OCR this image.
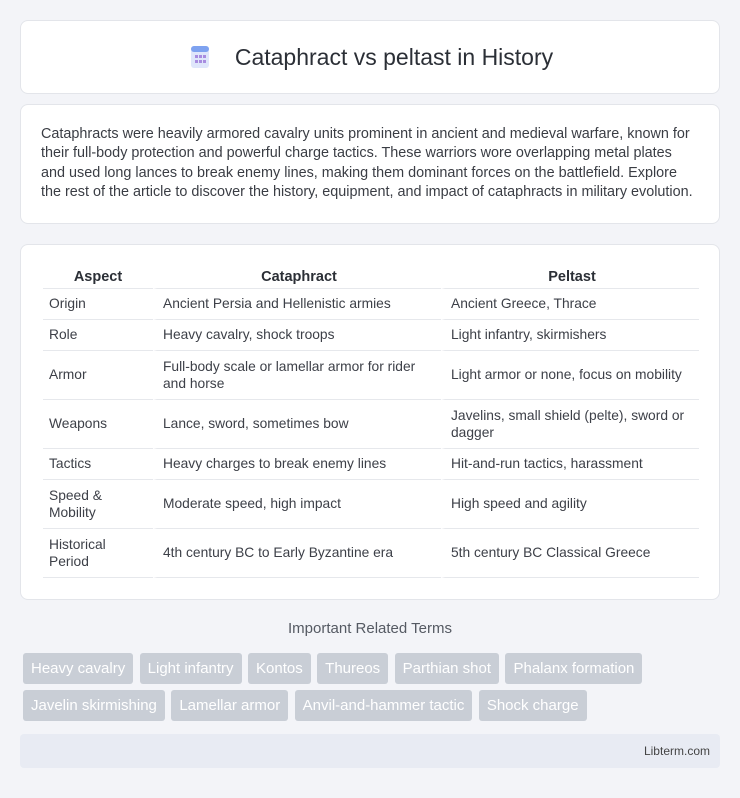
Cataphract vs peltast in History

Cataphracts were heavily armored cavalry units prominent in ancient and medieval warfare, known for their full-body protection and powerful charge tactics. These warriors wore overlapping metal plates and used long lances to break enemy lines, making them dominant forces on the battlefield. Explore the rest of the article to discover the history, equipment, and impact of cataphracts in military evolution.

Aspect	Cataphract	Peltast
Origin	Ancient Persia and Hellenistic armies	Ancient Greece, Thrace
Role	Heavy cavalry, shock troops	Light infantry, skirmishers
Armor	Full-body scale or lamellar armor for rider and horse	Light armor or none, focus on mobility
Weapons	Lance, sword, sometimes bow	Javelins, small shield (pelte), sword or dagger
Tactics	Heavy charges to break enemy lines	Hit-and-run tactics, harassment
Speed & Mobility	Moderate speed, high impact	High speed and agility
Historical Period	4th century BC to Early Byzantine era	5th century BC Classical Greece
Important Related Terms
Heavy cavalry Light infantry Kontos Thureos Parthian shot Phalanx formation Javelin skirmishing Lamellar armor Anvil-and-hammer tactic Shock charge
Libterm.com
